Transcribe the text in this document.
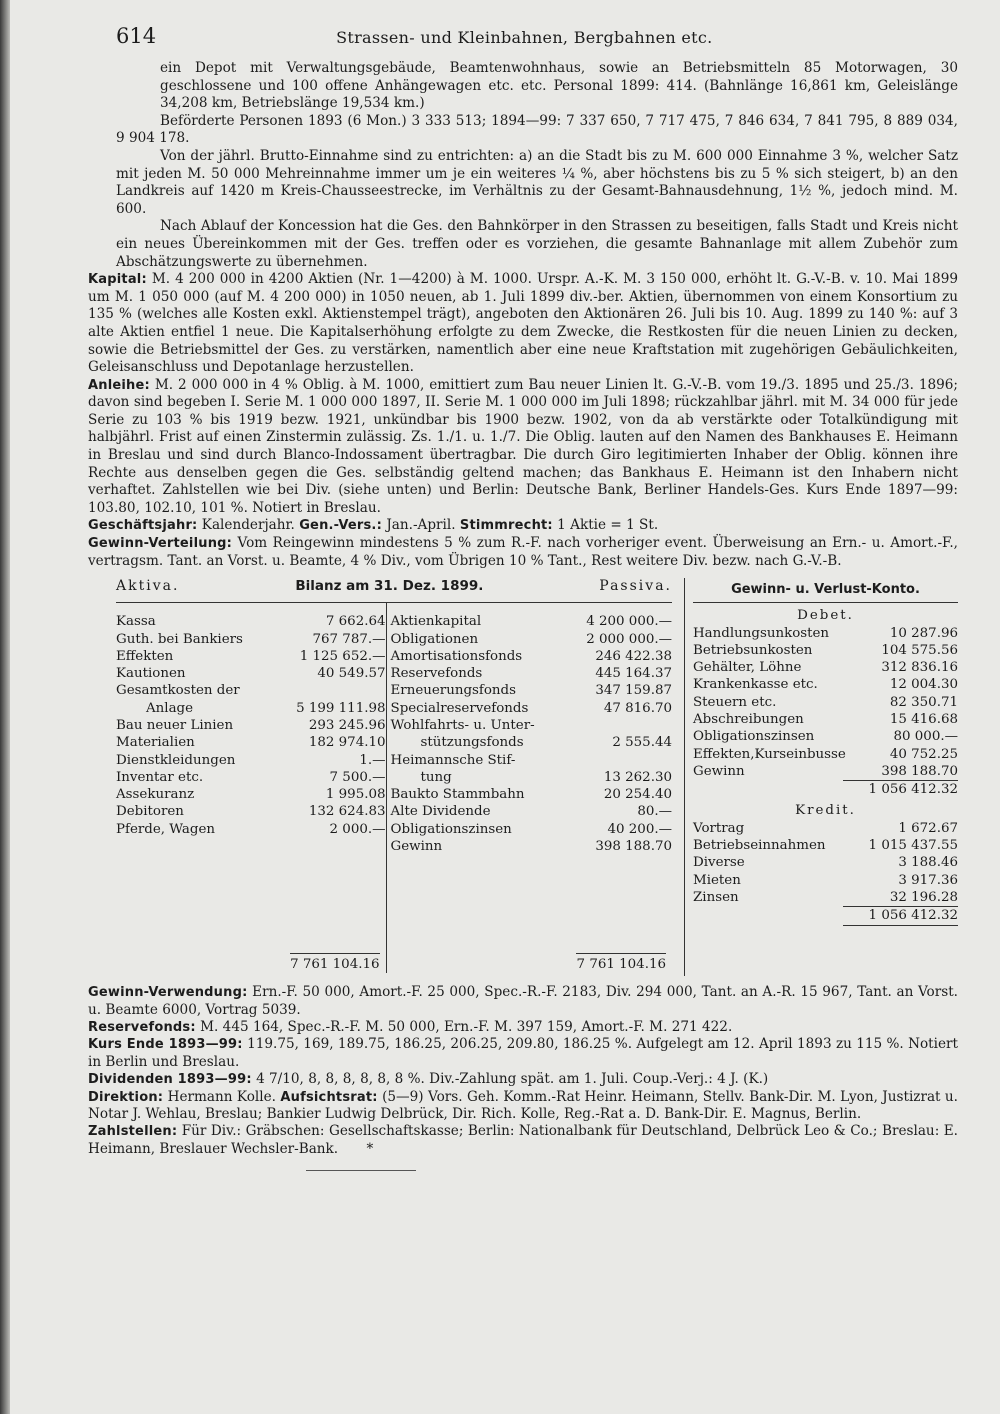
614	Strassen- und Kleinbahnen, Bergbahnen etc.

ein Depot mit Verwaltungsgebäude, Beamtenwohnhaus, sowie an Betriebsmitteln 85 Motorwagen, 30 geschlossene und 100 offene Anhängewagen etc. etc. Personal 1899: 414. (Bahnlänge 16,861 km, Geleislänge 34,208 km, Betriebslänge 19,534 km.)

Beförderte Personen 1893 (6 Mon.) 3 333 513; 1894—99: 7 337 650, 7 717 475, 7 846 634, 7 841 795, 8 889 034, 9 904 178.

Von der jährl. Brutto-Einnahme sind zu entrichten: a) an die Stadt bis zu M. 600 000 Einnahme 3 %, welcher Satz mit jeden M. 50 000 Mehreinnahme immer um je ein weiteres ¼ %, aber höchstens bis zu 5 % sich steigert, b) an den Landkreis auf 1420 m Kreis-Chausseestrecke, im Verhältnis zu der Gesamt-Bahnausdehnung, 1½ %, jedoch mind. M. 600.

Nach Ablauf der Koncession hat die Ges. den Bahnkörper in den Strassen zu beseitigen, falls Stadt und Kreis nicht ein neues Übereinkommen mit der Ges. treffen oder es vorziehen, die gesamte Bahnanlage mit allem Zubehör zum Abschätzungswerte zu übernehmen.

Kapital: M. 4 200 000 in 4200 Aktien (Nr. 1—4200) à M. 1000. Urspr. A.-K. M. 3 150 000, erhöht lt. G.-V.-B. v. 10. Mai 1899 um M. 1 050 000 (auf M. 4 200 000) in 1050 neuen, ab 1. Juli 1899 div.-ber. Aktien, übernommen von einem Konsortium zu 135 % (welches alle Kosten exkl. Aktienstempel trägt), angeboten den Aktionären 26. Juli bis 10. Aug. 1899 zu 140 %: auf 3 alte Aktien entfiel 1 neue. Die Kapitalserhöhung erfolgte zu dem Zwecke, die Restkosten für die neuen Linien zu decken, sowie die Betriebsmittel der Ges. zu verstärken, namentlich aber eine neue Kraftstation mit zugehörigen Gebäulichkeiten, Geleisanschluss und Depotanlage herzustellen.

Anleihe: M. 2 000 000 in 4 % Oblig. à M. 1000, emittiert zum Bau neuer Linien lt. G.-V.-B. vom 19./3. 1895 und 25./3. 1896; davon sind begeben I. Serie M. 1 000 000 1897, II. Serie M. 1 000 000 im Juli 1898; rückzahlbar jährl. mit M. 34 000 für jede Serie zu 103 % bis 1919 bezw. 1921, unkündbar bis 1900 bezw. 1902, von da ab verstärkte oder Totalkündigung mit halbjährl. Frist auf einen Zinstermin zulässig. Zs. 1./1. u. 1./7. Die Oblig. lauten auf den Namen des Bankhauses E. Heimann in Breslau und sind durch Blanco-Indossament übertragbar. Die durch Giro legitimierten Inhaber der Oblig. können ihre Rechte aus denselben gegen die Ges. selbständig geltend machen; das Bankhaus E. Heimann ist den Inhabern nicht verhaftet. Zahlstellen wie bei Div. (siehe unten) und Berlin: Deutsche Bank, Berliner Handels-Ges. Kurs Ende 1897—99: 103.80, 102.10, 101 %. Notiert in Breslau.

Geschäftsjahr: Kalenderjahr. Gen.-Vers.: Jan.-April. Stimmrecht: 1 Aktie = 1 St.

Gewinn-Verteilung: Vom Reingewinn mindestens 5 % zum R.-F. nach vorheriger event. Überweisung an Ern.- u. Amort.-F., vertragsm. Tant. an Vorst. u. Beamte, 4 % Div., vom Übrigen 10 % Tant., Rest weitere Div. bezw. nach G.-V.-B.

Aktiva.	Bilanz am 31. Dez. 1899.	Passiva.
Kassa	7 662.64
Guth. bei Bankiers	767 787.—
Effekten	1 125 652.—
Kautionen	40 549.57
Gesamtkosten der
Anlage	5 199 111.98
Bau neuer Linien	293 245.96
Materialien	182 974.10
Dienstkleidungen	1.—
Inventar etc.	7 500.—
Assekuranz	1 995.08
Debitoren	132 624.83
Pferde, Wagen	2 000.—
7 761 104.16
Aktienkapital	4 200 000.—
Obligationen	2 000 000.—
Amortisationsfonds	246 422.38
Reservefonds	445 164.37
Erneuerungsfonds	347 159.87
Specialreservefonds	47 816.70
Wohlfahrts- u. Unter-
stützungsfonds	2 555.44
Heimannsche Stif-
tung	13 262.30
Baukto Stammbahn	20 254.40
Alte Dividende	80.—
Obligationszinsen	40 200.—
Gewinn	398 188.70
7 761 104.16
Gewinn- u. Verlust-Konto.
Debet.
Handlungsunkosten	10 287.96
Betriebsunkosten	104 575.56
Gehälter, Löhne	312 836.16
Krankenkasse etc.	12 004.30
Steuern etc.	82 350.71
Abschreibungen	15 416.68
Obligationszinsen	80 000.—
Effekten,Kurseinbusse	40 752.25
Gewinn	398 188.70
1 056 412.32
Kredit.
Vortrag	1 672.67
Betriebseinnahmen	1 015 437.55
Diverse	3 188.46
Mieten	3 917.36
Zinsen	32 196.28
1 056 412.32

Gewinn-Verwendung: Ern.-F. 50 000, Amort.-F. 25 000, Spec.-R.-F. 2183, Div. 294 000, Tant. an A.-R. 15 967, Tant. an Vorst. u. Beamte 6000, Vortrag 5039.

Reservefonds: M. 445 164, Spec.-R.-F. M. 50 000, Ern.-F. M. 397 159, Amort.-F. M. 271 422.

Kurs Ende 1893—99: 119.75, 169, 189.75, 186.25, 206.25, 209.80, 186.25 %. Aufgelegt am 12. April 1893 zu 115 %. Notiert in Berlin und Breslau.

Dividenden 1893—99: 4 7/10, 8, 8, 8, 8, 8, 8 %. Div.-Zahlung spät. am 1. Juli. Coup.-Verj.: 4 J. (K.)

Direktion: Hermann Kolle. Aufsichtsrat: (5—9) Vors. Geh. Komm.-Rat Heinr. Heimann, Stellv. Bank-Dir. M. Lyon, Justizrat u. Notar J. Wehlau, Breslau; Bankier Ludwig Delbrück, Dir. Rich. Kolle, Reg.-Rat a. D. Bank-Dir. E. Magnus, Berlin.

Zahlstellen: Für Div.: Gräbschen: Gesellschaftskasse; Berlin: Nationalbank für Deutschland, Delbrück Leo & Co.; Breslau: E. Heimann, Breslauer Wechsler-Bank. *
